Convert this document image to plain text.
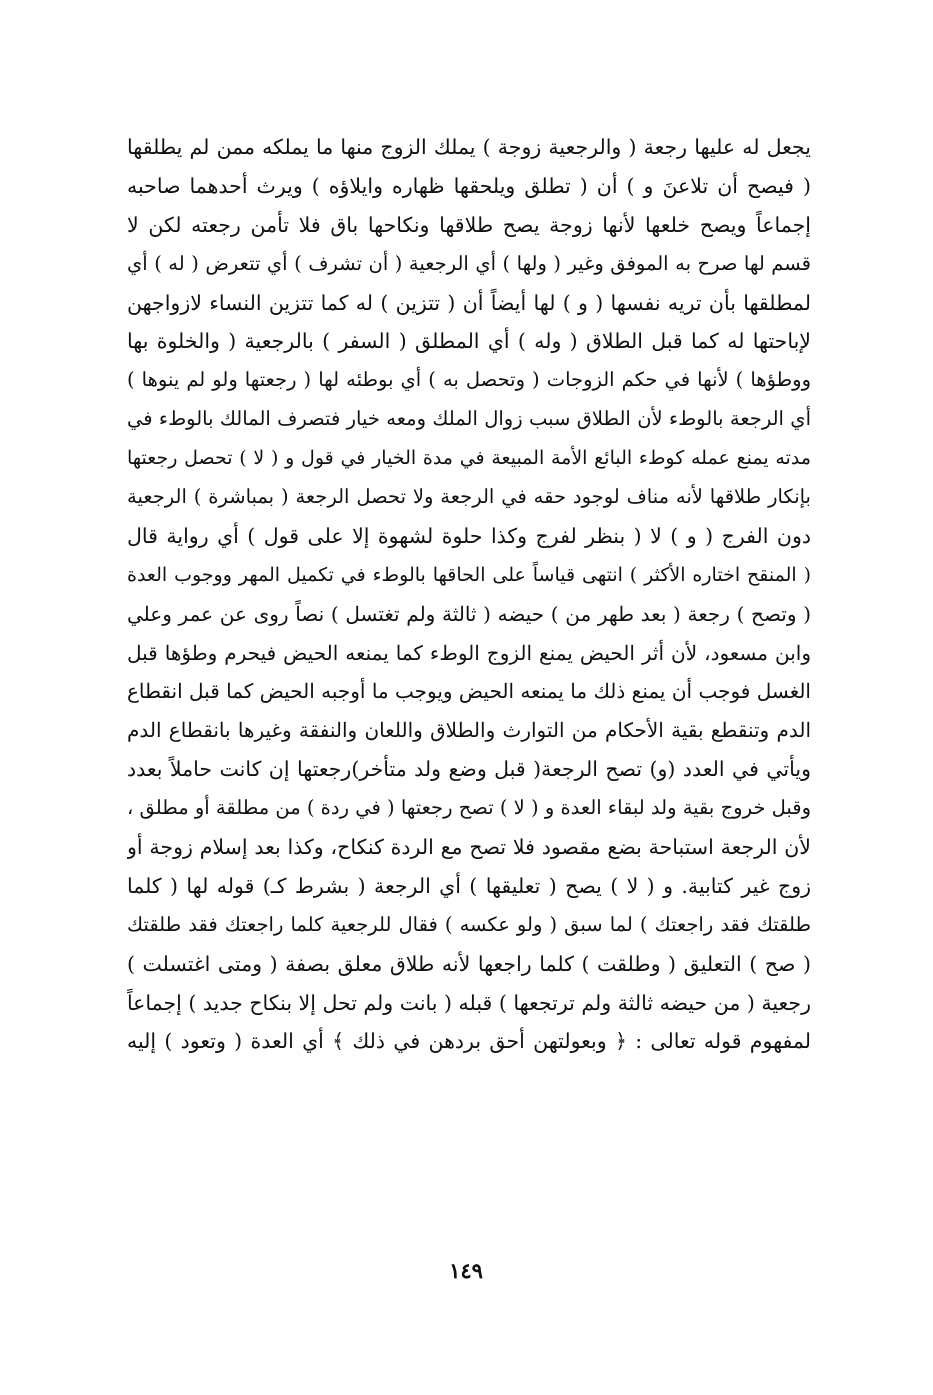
يجعل له عليها رجعة ( والرجعية زوجة ) يملك الزوج منها ما يملكه ممن لم يطلقها
( فيصح أن تلاعنَ و ) أن ( تطلق ويلحقها ظهاره وايلاؤه ) ويرث أحدهما صاحبه
إجماعاً ويصح خلعها لأنها زوجة يصح طلاقها ونكاحها باق فلا تأمن رجعته لكن لا
قسم لها صرح به الموفق وغير ( ولها ) أي الرجعية ( أن تشرف ) أي تتعرض ( له ) أي
لمطلقها بأن تريه نفسها ( و ) لها أيضاً أن ( تتزين ) له كما تتزين النساء لازواجهن
لإباحتها له كما قبل الطلاق ( وله ) أي المطلق ( السفر ) بالرجعية ( والخلوة بها
ووطؤها ) لأنها في حكم الزوجات ( وتحصل به ) أي بوطئه لها ( رجعتها ولو لم ينوها )
أي الرجعة بالوطء لأن الطلاق سبب زوال الملك ومعه خيار فتصرف المالك بالوطء في
مدته يمنع عمله كوطء البائع الأمة المبيعة في مدة الخيار في قول و ( لا ) تحصل رجعتها
بإنكار طلاقها لأنه مناف لوجود حقه في الرجعة ولا تحصل الرجعة ( بمباشرة ) الرجعية
دون الفرج ( و ) لا ( بنظر لفرج وكذا حلوة لشهوة إلا على قول ) أي رواية قال
( المنقح اختاره الأكثر ) انتهى قياساً على الحاقها بالوطء في تكميل المهر ووجوب العدة
( وتصح ) رجعة ( بعد طهر من ) حيضه ( ثالثة ولم تغتسل ) نصاً روى عن عمر وعلي
وابن مسعود، لأن أثر الحيض يمنع الزوج الوطء كما يمنعه الحيض فيحرم وطؤها قبل
الغسل فوجب أن يمنع ذلك ما يمنعه الحيض ويوجب ما أوجبه الحيض كما قبل انقطاع
الدم وتنقطع بقية الأحكام من التوارث والطلاق واللعان والنفقة وغيرها بانقطاع الدم
ويأتي في العدد (و) تصح الرجعة( قبل وضع ولد متأخر)رجعتها إن كانت حاملاً بعدد
وقبل خروج بقية ولد لبقاء العدة و ( لا ) تصح رجعتها ( في ردة ) من مطلقة أو مطلق ،
لأن الرجعة استباحة بضع مقصود فلا تصح مع الردة كنكاح، وكذا بعد إسلام زوجة أو
زوج غير كتابية. و ( لا ) يصح ( تعليقها ) أي الرجعة ( بشرط كـ) قوله لها ( كلما
طلقتك فقد راجعتك ) لما سبق ( ولو عكسه ) فقال للرجعية كلما راجعتك فقد طلقتك
( صح ) التعليق ( وطلقت ) كلما راجعها لأنه طلاق معلق بصفة ( ومتى اغتسلت )
رجعية ( من حيضه ثالثة ولم ترتجعها ) قبله ( بانت ولم تحل إلا بنكاح جديد ) إجماعاً
لمفهوم قوله تعالى : ﴿ وبعولتهن أحق بردهن في ذلك ﴾ أي العدة ( وتعود ) إليه
١٤٩
